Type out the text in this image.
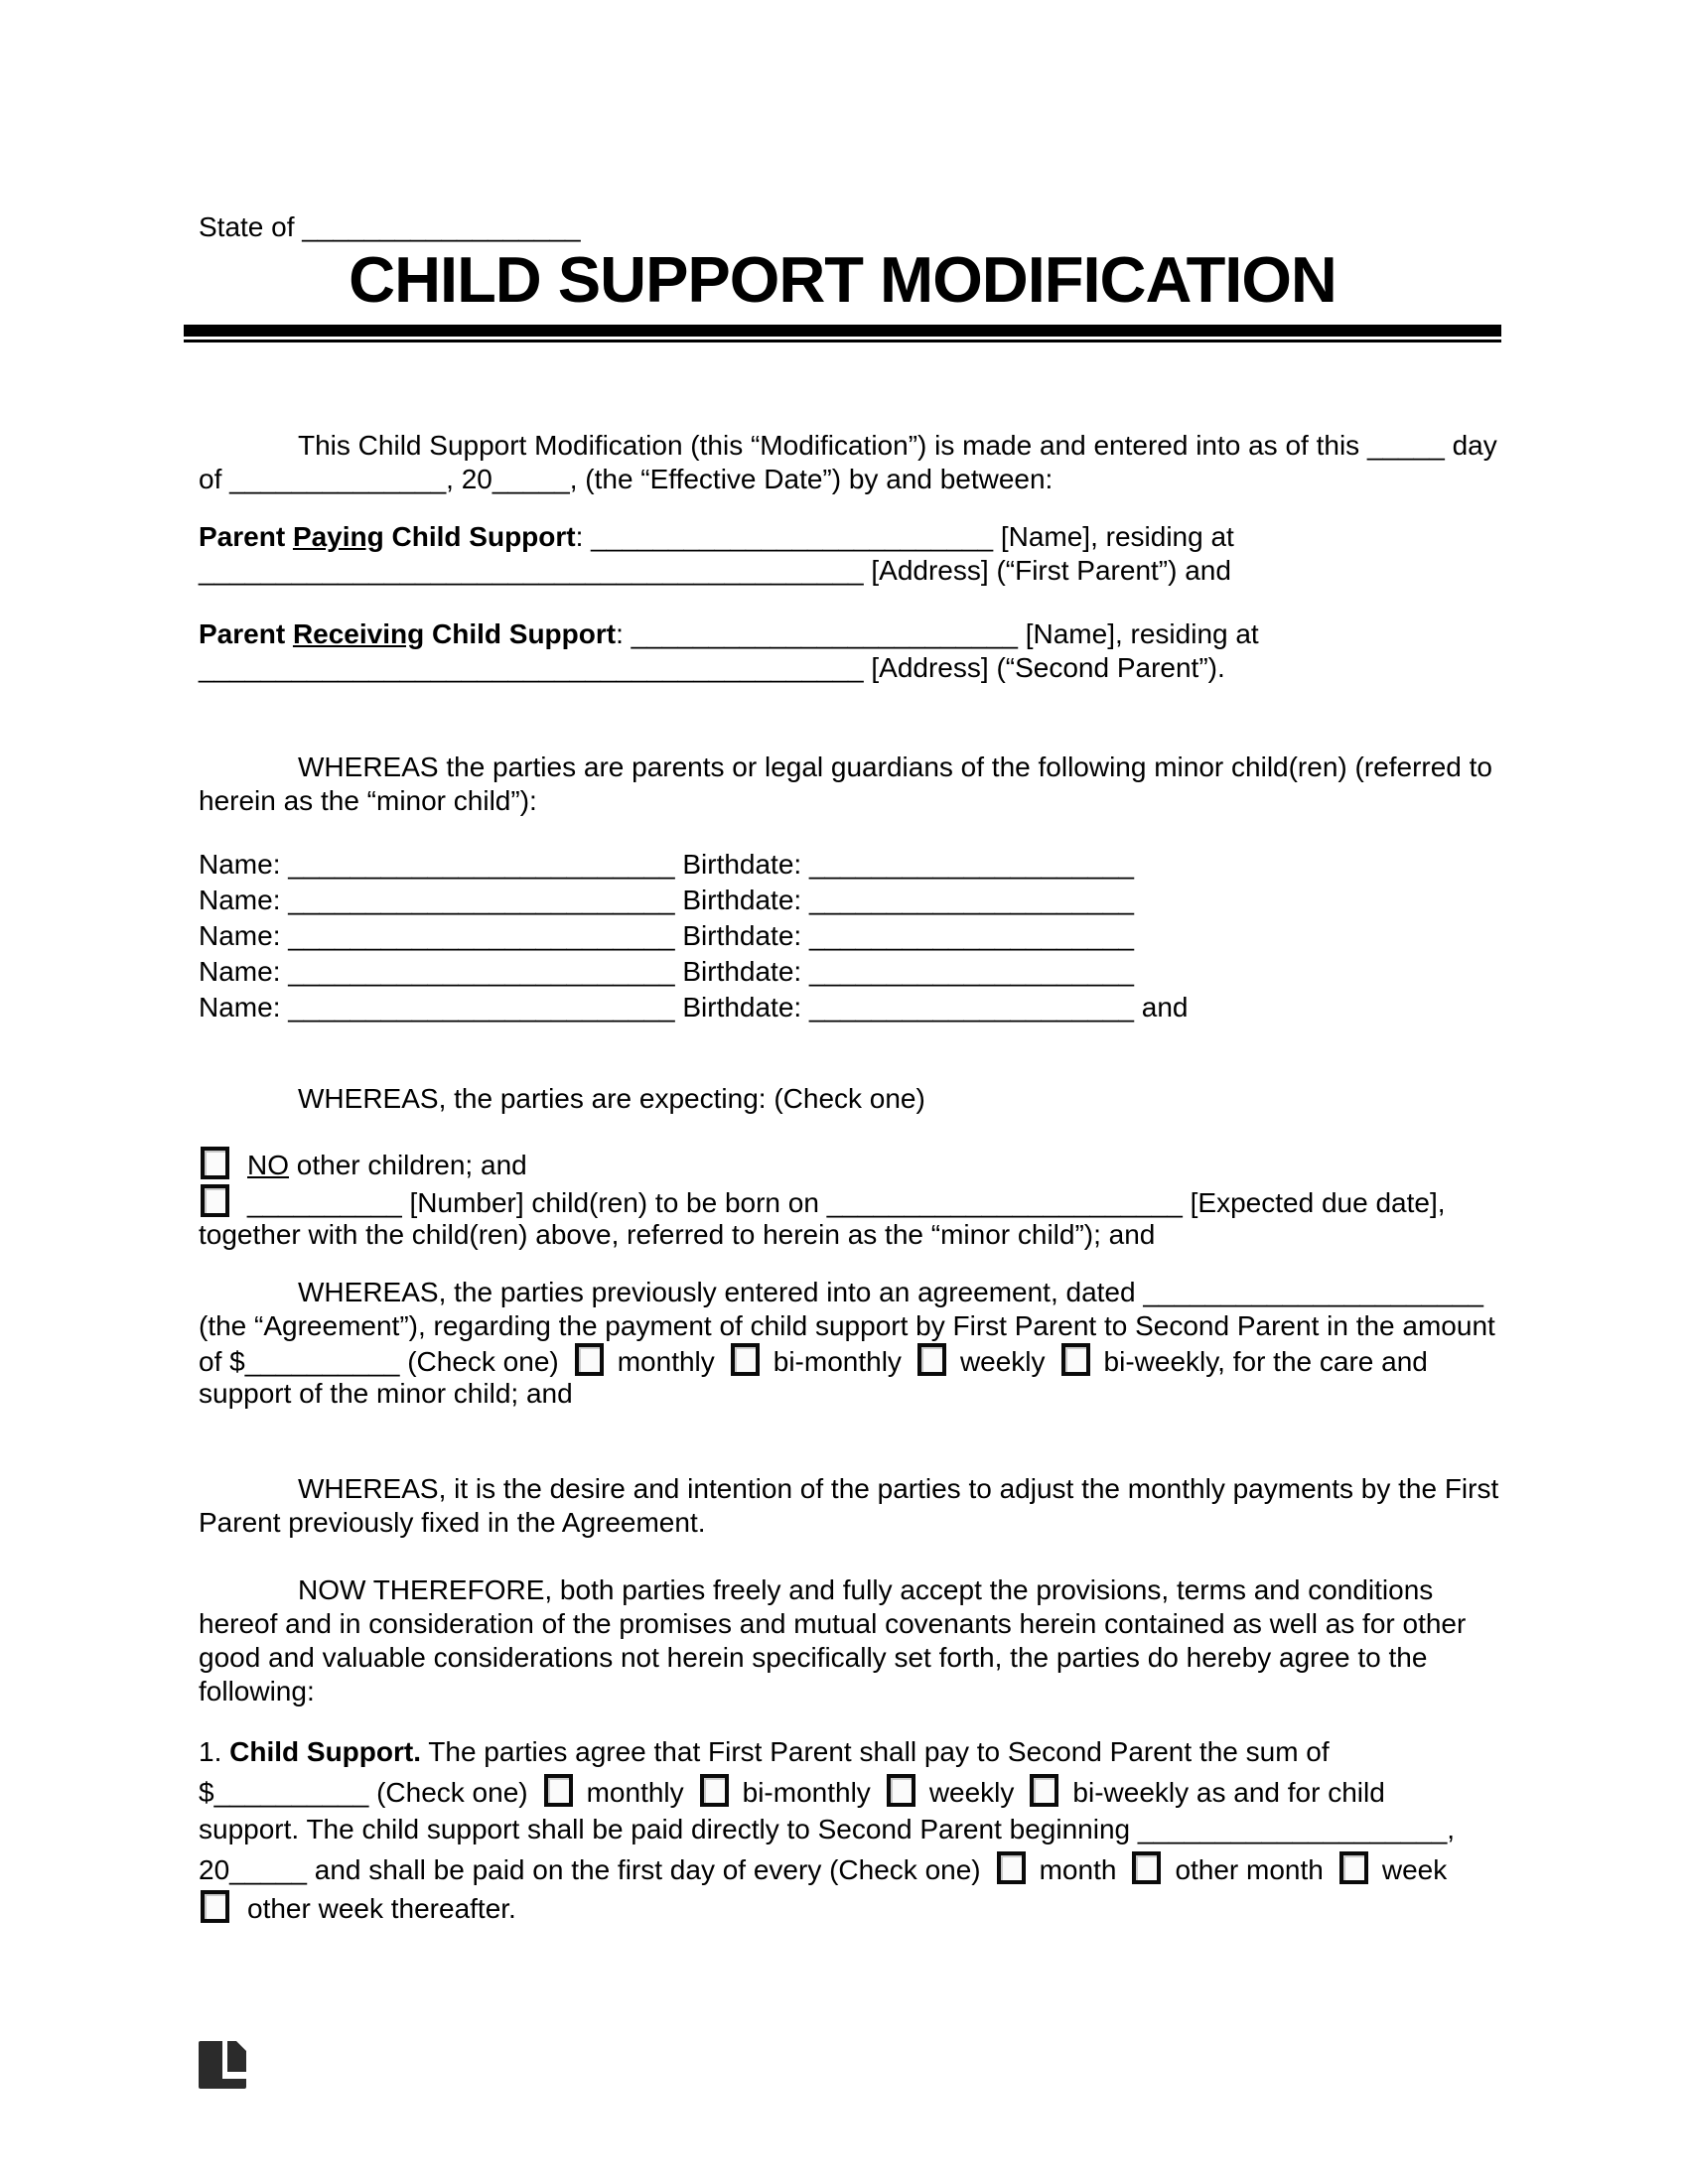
State of __________________
CHILD SUPPORT MODIFICATION
This Child Support Modification (this “Modification”) is made and entered into as of this _____ day
of ______________, 20_____, (the “Effective Date”) by and between:
Parent Paying Child Support: __________________________ [Name], residing at
___________________________________________ [Address] (“First Parent”) and
Parent Receiving Child Support: _________________________ [Name], residing at
___________________________________________ [Address] (“Second Parent”).
WHEREAS the parties are parents or legal guardians of the following minor child(ren) (referred to
herein as the “minor child”):
Name: _________________________ Birthdate: _____________________
Name: _________________________ Birthdate: _____________________
Name: _________________________ Birthdate: _____________________
Name: _________________________ Birthdate: _____________________
Name: _________________________ Birthdate: _____________________ and
WHEREAS, the parties are expecting: (Check one)
NO other children; and
__________ [Number] child(ren) to be born on _______________________ [Expected due date],
together with the child(ren) above, referred to herein as the “minor child”); and
WHEREAS, the parties previously entered into an agreement, dated ______________________
(the “Agreement”), regarding the payment of child support by First Parent to Second Parent in the amount
of $__________ (Check one) monthly bi-monthly weekly bi-weekly, for the care and
support of the minor child; and
WHEREAS, it is the desire and intention of the parties to adjust the monthly payments by the First
Parent previously fixed in the Agreement.
NOW THEREFORE, both parties freely and fully accept the provisions, terms and conditions
hereof and in consideration of the promises and mutual covenants herein contained as well as for other
good and valuable considerations not herein specifically set forth, the parties do hereby agree to the
following:
1. Child Support. The parties agree that First Parent shall pay to Second Parent the sum of
$__________ (Check one) monthly bi-monthly weekly bi-weekly as and for child
support. The child support shall be paid directly to Second Parent beginning ____________________,
20_____ and shall be paid on the first day of every (Check one) month other month week
other week thereafter.
